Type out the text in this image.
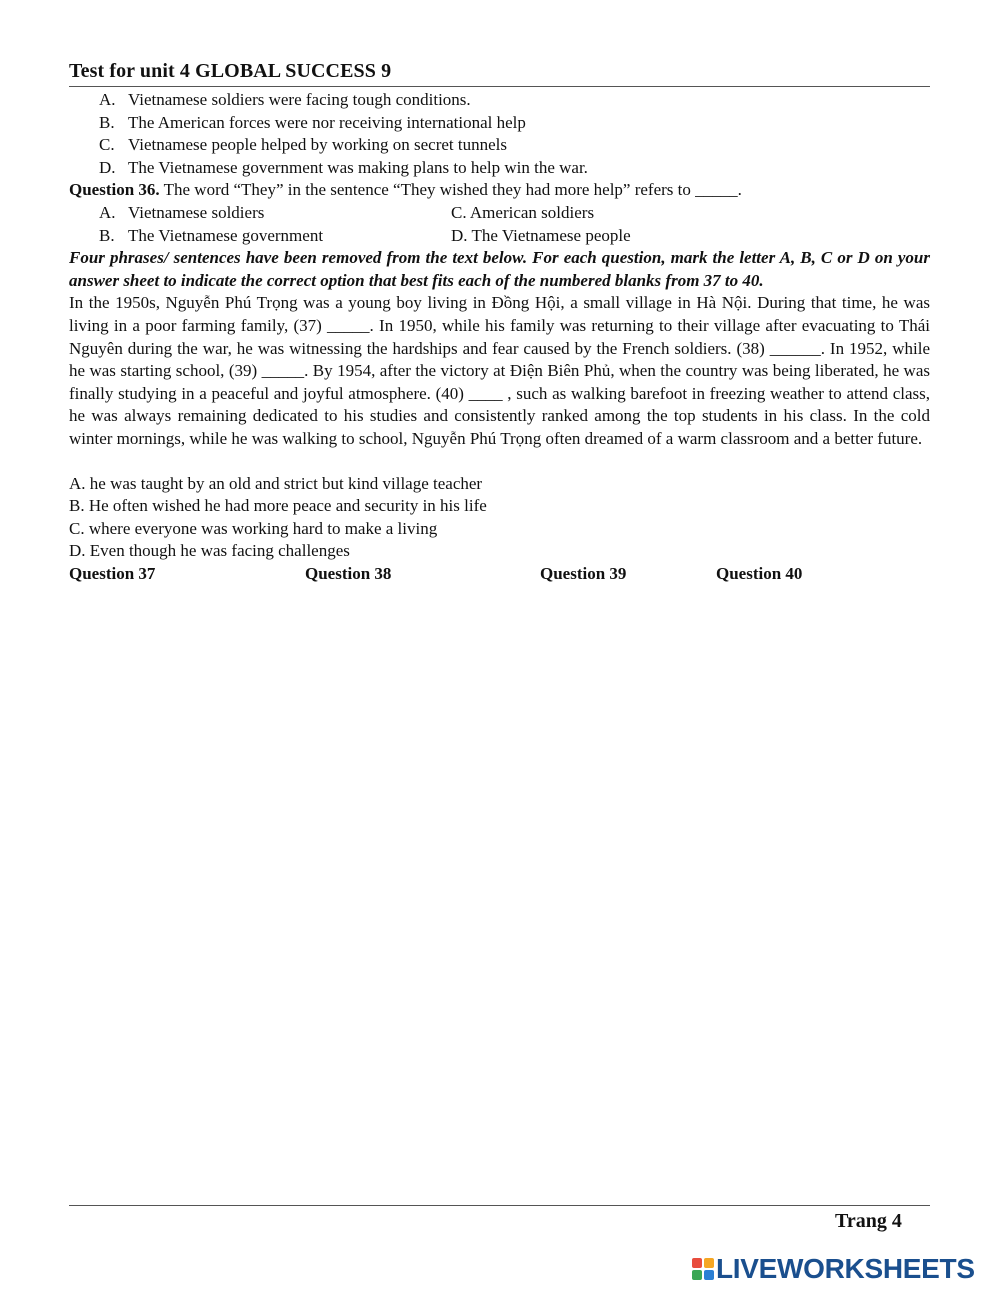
Test for unit 4 GLOBAL SUCCESS 9
A. Vietnamese soldiers were facing tough conditions.
B. The American forces were nor receiving international help
C. Vietnamese people helped by working on secret tunnels
D. The Vietnamese government was making plans to help win the war.
Question 36. The word “They” in the sentence “They wished they had more help” refers to _____.
A. Vietnamese soldiers	C. American soldiers
B. The Vietnamese government	D. The Vietnamese people
Four phrases/ sentences have been removed from the text below. For each question, mark the letter A, B, C or D on your answer sheet to indicate the correct option that best fits each of the numbered blanks from 37 to 40.
In the 1950s, Nguyễn Phú Trọng was a young boy living in Đồng Hội, a small village in Hà Nội. During that time, he was living in a poor farming family, (37) _____. In 1950, while his family was returning to their village after evacuating to Thái Nguyên during the war, he was witnessing the hardships and fear caused by the French soldiers. (38) ______. In 1952, while he was starting school, (39) _____. By 1954, after the victory at Điện Biên Phủ, when the country was being liberated, he was finally studying in a peaceful and joyful atmosphere. (40) ____ , such as walking barefoot in freezing weather to attend class, he was always remaining dedicated to his studies and consistently ranked among the top students in his class. In the cold winter mornings, while he was walking to school, Nguyễn Phú Trọng often dreamed of a warm classroom and a better future.
A. he was taught by an old and strict but kind village teacher
B. He often wished he had more peace and security in his life
C. where everyone was working hard to make a living
D. Even though he was facing challenges
Question 37	Question 38	Question 39	Question 40
Trang 4
LIVEWORKSHEETS
